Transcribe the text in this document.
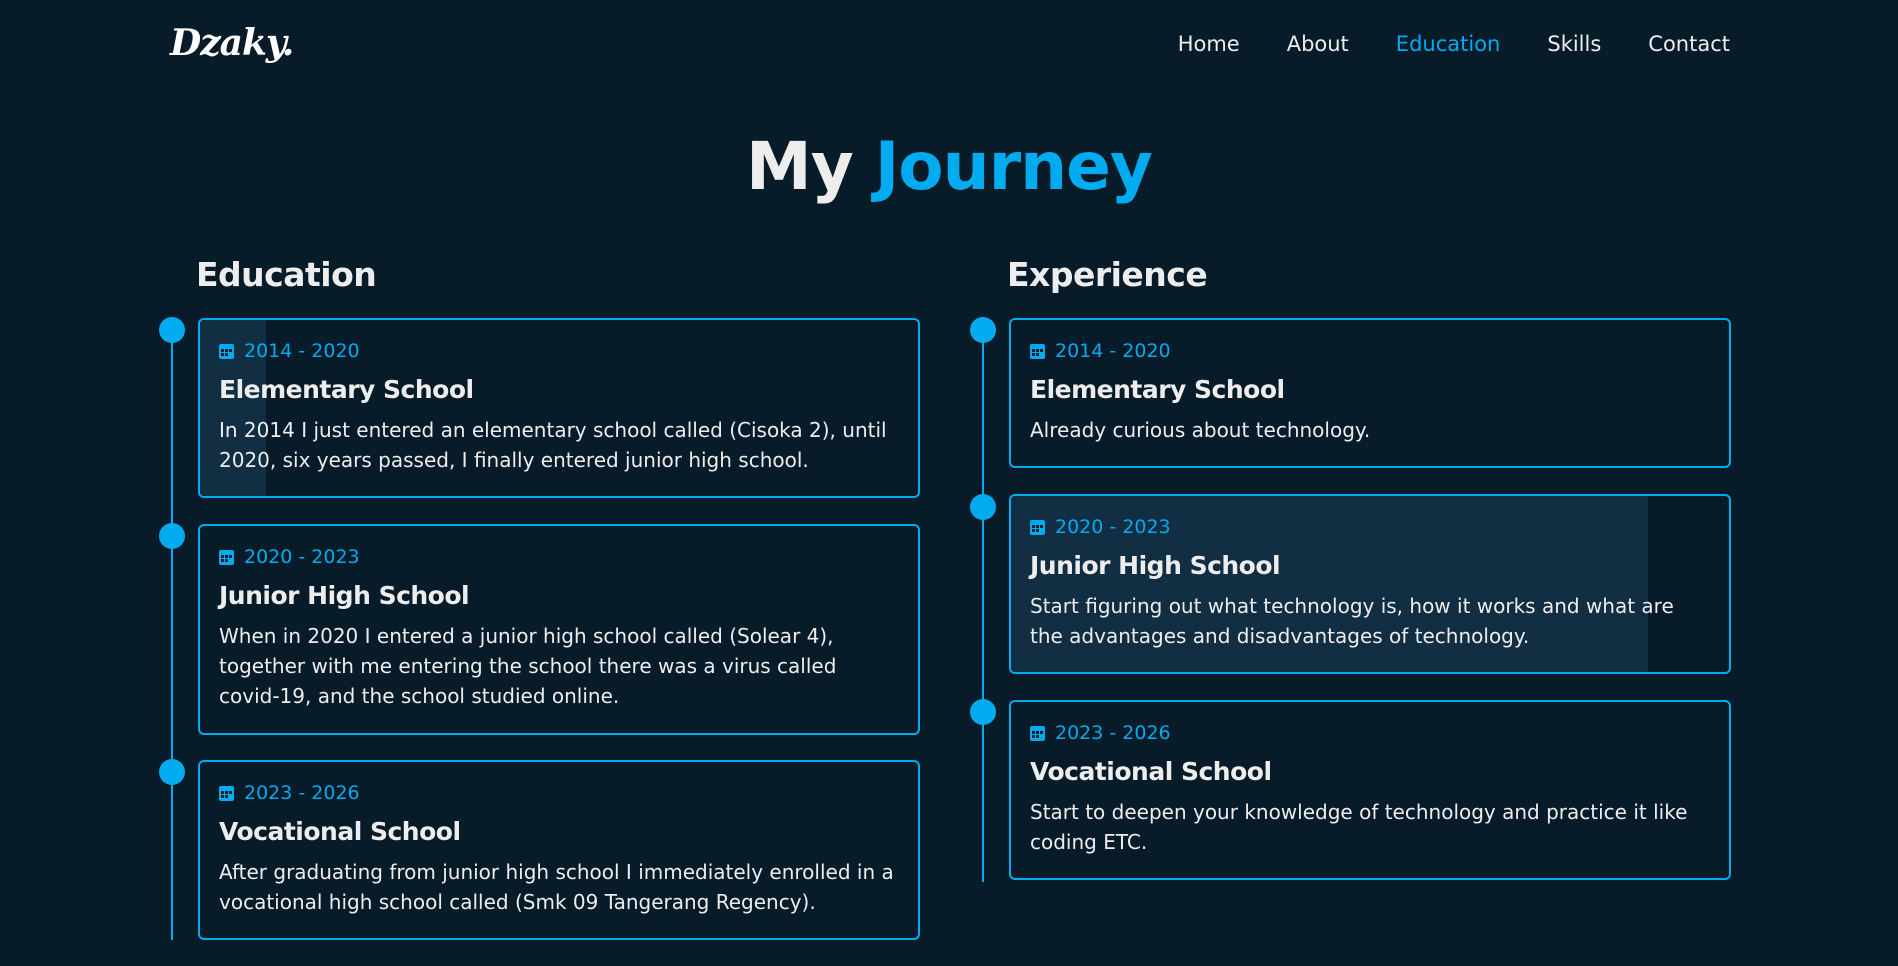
Dzaky.	Home About Education Skills Contact
My Journey
Education
2014 - 2020
Elementary School

In 2014 I just entered an elementary school called (Cisoka 2), until 2020, six years passed, I finally entered junior high school.

2020 - 2023
Junior High School

When in 2020 I entered a junior high school called (Solear 4), together with me entering the school there was a virus called covid-19, and the school studied online.

2023 - 2026
Vocational School

After graduating from junior high school I immediately enrolled in a vocational high school called (Smk 09 Tangerang Regency).

Experience
2014 - 2020
Elementary School

Already curious about technology.

2020 - 2023
Junior High School

Start figuring out what technology is, how it works and what are the advantages and disadvantages of technology.

2023 - 2026
Vocational School

Start to deepen your knowledge of technology and practice it like coding ETC.
